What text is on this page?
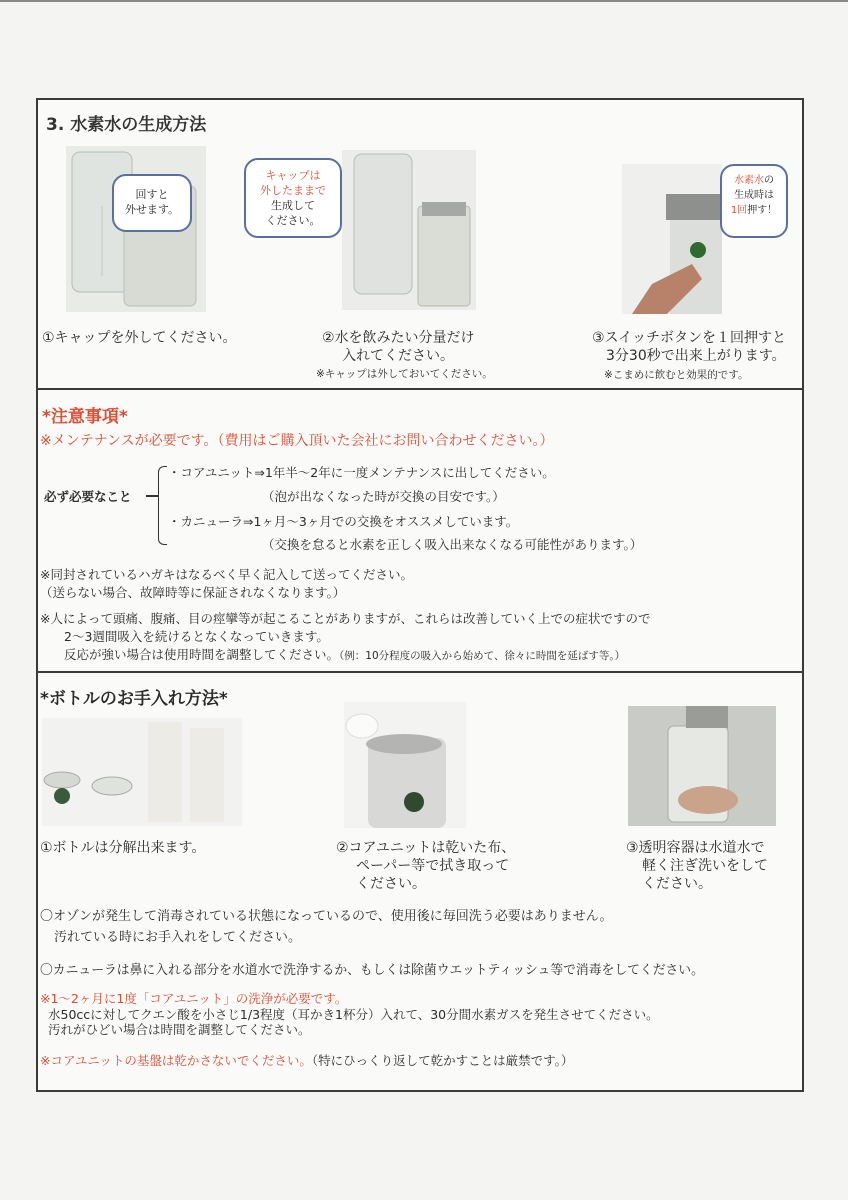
3. 水素水の生成方法
回すと
外せます。
キャップは
外したままで
生成して
ください。
水素水の
生成時は
1回押す！
①キャップを外してください。	②水を飲みたい分量だけ
入れてください。
※キャップは外しておいてください。
③スイッチボタンを１回押すと
3分30秒で出来上がります。
※こまめに飲むと効果的です。
*注意事項*
※メンテナンスが必要です。（費用はご購入頂いた会社にお問い合わせください。）
必ず必要なこと
・コアユニット⇒1年半～2年に一度メンテナンスに出してください。
（泡が出なくなった時が交換の目安です。）
・カニューラ⇒1ヶ月～3ヶ月での交換をオススメしています。
（交換を怠ると水素を正しく吸入出来なくなる可能性があります。）
※同封されているハガキはなるべく早く記入して送ってください。
（送らない場合、故障時等に保証されなくなります。）
※人によって頭痛、腹痛、目の痙攣等が起こることがありますが、これらは改善していく上での症状ですので
2～3週間吸入を続けるとなくなっていきます。
反応が強い場合は使用時間を調整してください。（例：10分程度の吸入から始めて、徐々に時間を延ばす等。）
*ボトルのお手入れ方法*
①ボトルは分解出来ます。	②コアユニットは乾いた布、
ペーパー等で拭き取って
ください。
③透明容器は水道水で
軽く注ぎ洗いをして
ください。
〇オゾンが発生して消毒されている状態になっているので、使用後に毎回洗う必要はありません。
汚れている時にお手入れをしてください。
〇カニューラは鼻に入れる部分を水道水で洗浄するか、もしくは除菌ウエットティッシュ等で消毒をしてください。
※1～2ヶ月に1度「コアユニット」の洗浄が必要です。
水50ccに対してクエン酸を小さじ1/3程度（耳かき1杯分）入れて、30分間水素ガスを発生させてください。
汚れがひどい場合は時間を調整してください。
※コアユニットの基盤は乾かさないでください。（特にひっくり返して乾かすことは厳禁です。）
